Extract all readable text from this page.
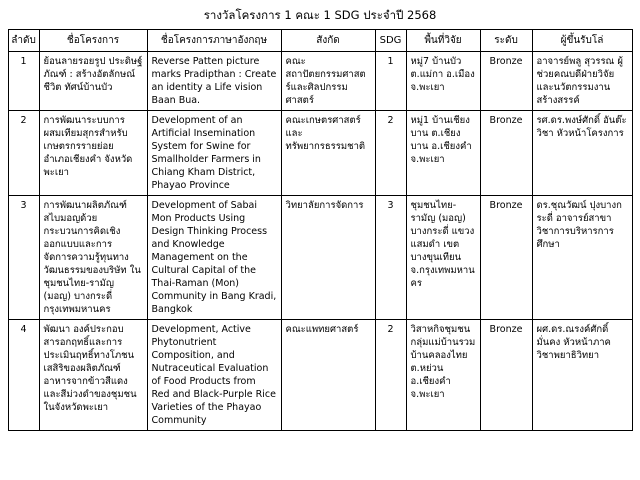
รางวัลโครงการ 1 คณะ 1 SDG ประจำปี 2568
ลำดับ	ชื่อโครงการ	ชื่อโครงการภาษาอังกฤษ	สังกัด	SDG	พื้นที่วิจัย	ระดับ	ผู้ขึ้นรับโล่
1	ย้อนลายรอยรูป ประดิษฐ์ภัณฑ์ : สร้างอัตลักษณ์ ชีวิต ทัศน์บ้านบัว	Reverse Patten picture marks Pradipthan : Create an identity a Life vision Baan Bua.	คณะสถาปัตยกรรมศาสตร์และศิลปกรรมศาสตร์	1	หมู่7 บ้านบัว ต.แม่กา อ.เมือง จ.พะเยา	Bronze	อาจารย์พลู สุวรรณ ผู้ช่วยคณบดีฝ่ายวิจัยและนวัตกรรมงานสร้างสรรค์
2	การพัฒนาระบบการ ผสมเทียมสุกรสำหรับ เกษตรกรรายย่อย อำเภอเชียงคำ จังหวัด พะเยา	Development of an Artificial Insemination System for Swine for Smallholder Farmers in Chiang Kham District, Phayao Province	คณะเกษตรศาสตร์และทรัพยากรธรรมชาติ	2	หมู่1 บ้านเชียงบาน ต.เชียงบาน อ.เชียงคำ จ.พะเยา	Bronze	รศ.ดร.พงษ์ศักดิ์ อันต๊ะวิชา หัวหน้าโครงการ
3	การพัฒนาผลิตภัณฑ์ สไบมอญด้วย กระบวนการคิดเชิง ออกแบบและการ จัดการความรู้ทุนทาง วัฒนธรรมของบริษัท ในชุมชนไทย-รามัญ (มอญ) บางกระดี่ กรุงเทพมหานคร	Development of Sabai Mon Products Using Design Thinking Process and Knowledge Management on the Cultural Capital of the Thai-Raman (Mon) Community in Bang Kradi, Bangkok	วิทยาลัยการจัดการ	3	ชุมชนไทย-รามัญ (มอญ) บางกระดี่ แขวงแสมดำ เขตบางขุนเทียน จ.กรุงเทพมหานคร	Bronze	ดร.ชุณวัฒน์ ปุงบางกระดี่ อาจารย์สาขาวิชาการบริหารการศึกษา
4	พัฒนา องค์ประกอบ สารอกฤทธิ์และการ ประเมินฤทธิ์ทางโภชนเสสิริของผลิตภัณฑ์ อาหารจากข้าวสีแดง และสีม่วงดำของชุมชน ในจังหวัดพะเยา	Development, Active Phytonutrient Composition, and Nutraceutical Evaluation of Food Products from Red and Black-Purple Rice Varieties of the Phayao Community	คณะแพทยศาสตร์	2	วิสาหกิจชุมชนกลุ่มแม่บ้านรวมบ้านคลองไทย ต.หย่วน อ.เชียงคำ จ.พะเยา	Bronze	ผศ.ดร.ณรงค์ศักดิ์ มั่นคง หัวหน้าภาควิชาพยาธิวิทยา
